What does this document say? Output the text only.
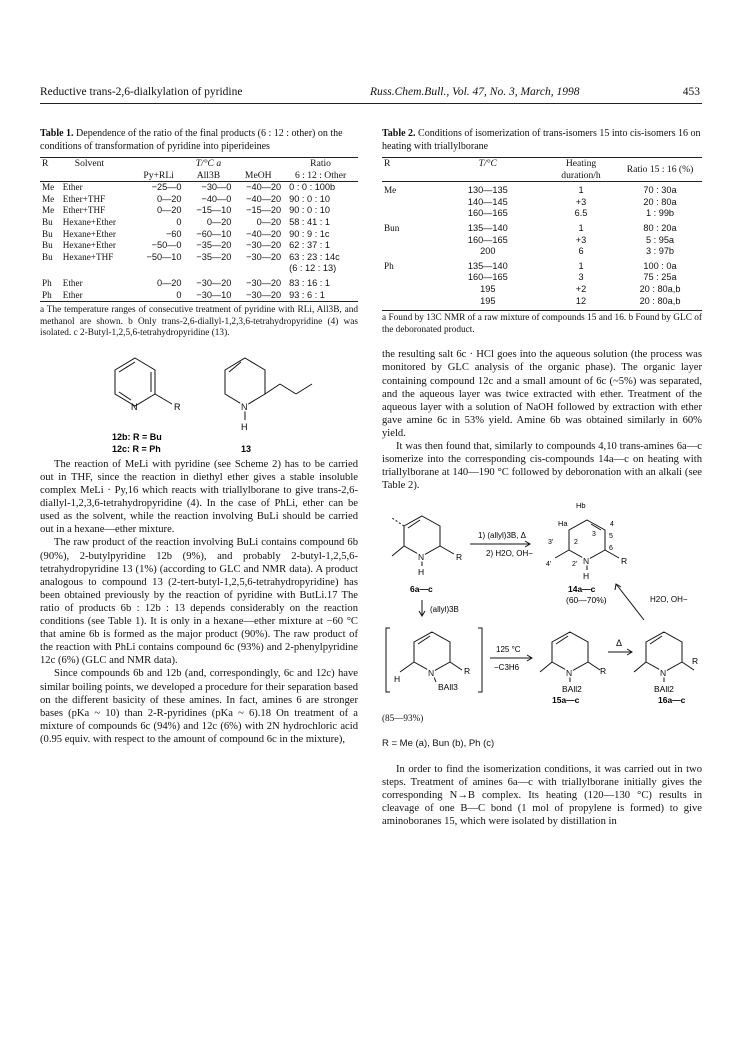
Reductive trans-2,6-dialkylation of pyridine	Russ.Chem.Bull., Vol. 47, No. 3, March, 1998	453
Table 1. Dependence of the ratio of the final products (6 : 12 : other) on the conditions of transformation of pyridine into piperideines
R	Solvent	T/°C a			Ratio
		Py+RLi	All3B	MeOH	6 : 12 : Other
Me	Ether	−25—0	−30—0	−40—20	0 : 0 : 100b
Me	Ether+THF	0—20	−40—0	−40—20	90 : 0 : 10
Me	Ether+THF	0—20	−15—10	−15—20	90 : 0 : 10
Bu	Hexane+Ether	0	0—20	0—20	58 : 41 : 1
Bu	Hexane+Ether	−60	−60—10	−40—20	90 : 9 : 1c
Bu	Hexane+Ether	−50—0	−35—20	−30—20	62 : 37 : 1
Bu	Hexane+THF	−50—10	−35—20	−30—20	63 : 23 : 14c
					(6 : 12 : 13)
Ph	Ether	0—20	−30—20	−30—20	83 : 16 : 1
Ph	Ether	0	−30—10	−30—20	93 : 6 : 1
a The temperature ranges of consecutive treatment of pyridine with RLi, All3B, and methanol are shown. b Only trans-2,6-diallyl-1,2,3,6-tetrahydropyridine (4) was isolated. c 2-Butyl-1,2,5,6-tetrahydropyridine (13).
N	R	N
H
12b: R = Bu
12c: R = Ph	13

The reaction of MeLi with pyridine (see Scheme 2) has to be carried out in THF, since the reaction in diethyl ether gives a stable insoluble complex MeLi · Py,16 which reacts with triallylborane to give trans-2,6-diallyl-1,2,3,6-tetrahydropyridine (4). In the case of PhLi, ether can be used as the solvent, while the reaction involving BuLi should be carried out in a hexane—ether mixture.

The raw product of the reaction involving BuLi contains compound 6b (90%), 2-butylpyridine 12b (9%), and probably 2-butyl-1,2,5,6-tetrahydropyridine 13 (1%) (according to GLC and NMR data). A product analogous to compound 13 (2-tert-butyl-1,2,5,6-tetrahydropyridine) has been obtained previously by the reaction of pyridine with ButLi.17 The ratio of products 6b : 12b : 13 depends considerably on the reaction conditions (see Table 1). It is only in a hexane—ether mixture at −60 °C that amine 6b is formed as the major product (90%). The raw product of the reaction with PhLi contains compound 6c (93%) and 2-phenylpyridine 12c (6%) (GLC and NMR data).

Since compounds 6b and 12b (and, correspondingly, 6c and 12c) have similar boiling points, we developed a procedure for their separation based on the different basicity of these amines. In fact, amines 6 are stronger bases (pKa ~ 10) than 2-R-pyridines (pKa ~ 6).18 On treatment of a mixture of compounds 6c (94%) and 12c (6%) with 2N hydrochloric acid (0.95 equiv. with respect to the amount of compound 6c in the mixture),

Table 2. Conditions of isomerization of trans-isomers 15 into cis-isomers 16 on heating with triallylborane
R	T/°C	Heating duration/h	Ratio 15 : 16 (%)
Me	130—135	1	70 : 30a
	140—145	+3	20 : 80a
	160—165	6.5	1 : 99b
Bun	135—140	1	80 : 20a
	160—165	+3	5 : 95a
	200	6	3 : 97b
Ph	135—140	1	100 : 0a
	160—165	3	75 : 25a
	195	+2	20 : 80a,b
	195	12	20 : 80a,b
a Found by 13C NMR of a raw mixture of compounds 15 and 16. b Found by GLC of the deboronated product.

the resulting salt 6c · HCl goes into the aqueous solution (the process was monitored by GLC analysis of the organic phase). The organic layer containing compound 12c and a small amount of 6c (~5%) was separated, and the aqueous layer was twice extracted with ether. Treatment of the aqueous layer with a solution of NaOH followed by extraction with ether gave amine 6c in 53% yield. Amine 6b was obtained similarly in 60% yield.

It was then found that, similarly to compounds 4,10 trans-amines 6a—c isomerize into the corresponding cis-compounds 14a—c on heating with triallylborane at 140—190 °C followed by deboronation with an alkali (see Table 2).

N	R
H
1) (allyl)3B, Δ
2) H2O, OH−
6a—c
N	R
H
Hb
Ha	4
5
6
3
2
3'
2'
4'
14a—c
(60—70%)
(allyl)3B
H2O, OH−
N	R
H
BAll3
125 °C
−C3H6
N	R
BAll2
Δ
N
R
BAll2
15a—c	16a—c
(85—93%)
R = Me (a), Bun (b), Ph (c)

In order to find the isomerization conditions, it was carried out in two steps. Treatment of amines 6a—c with triallylborane initially gives the corresponding N→B complex. Its heating (120—130 °C) results in cleavage of one B—C bond (1 mol of propylene is formed) to give aminoboranes 15, which were isolated by distillation in
